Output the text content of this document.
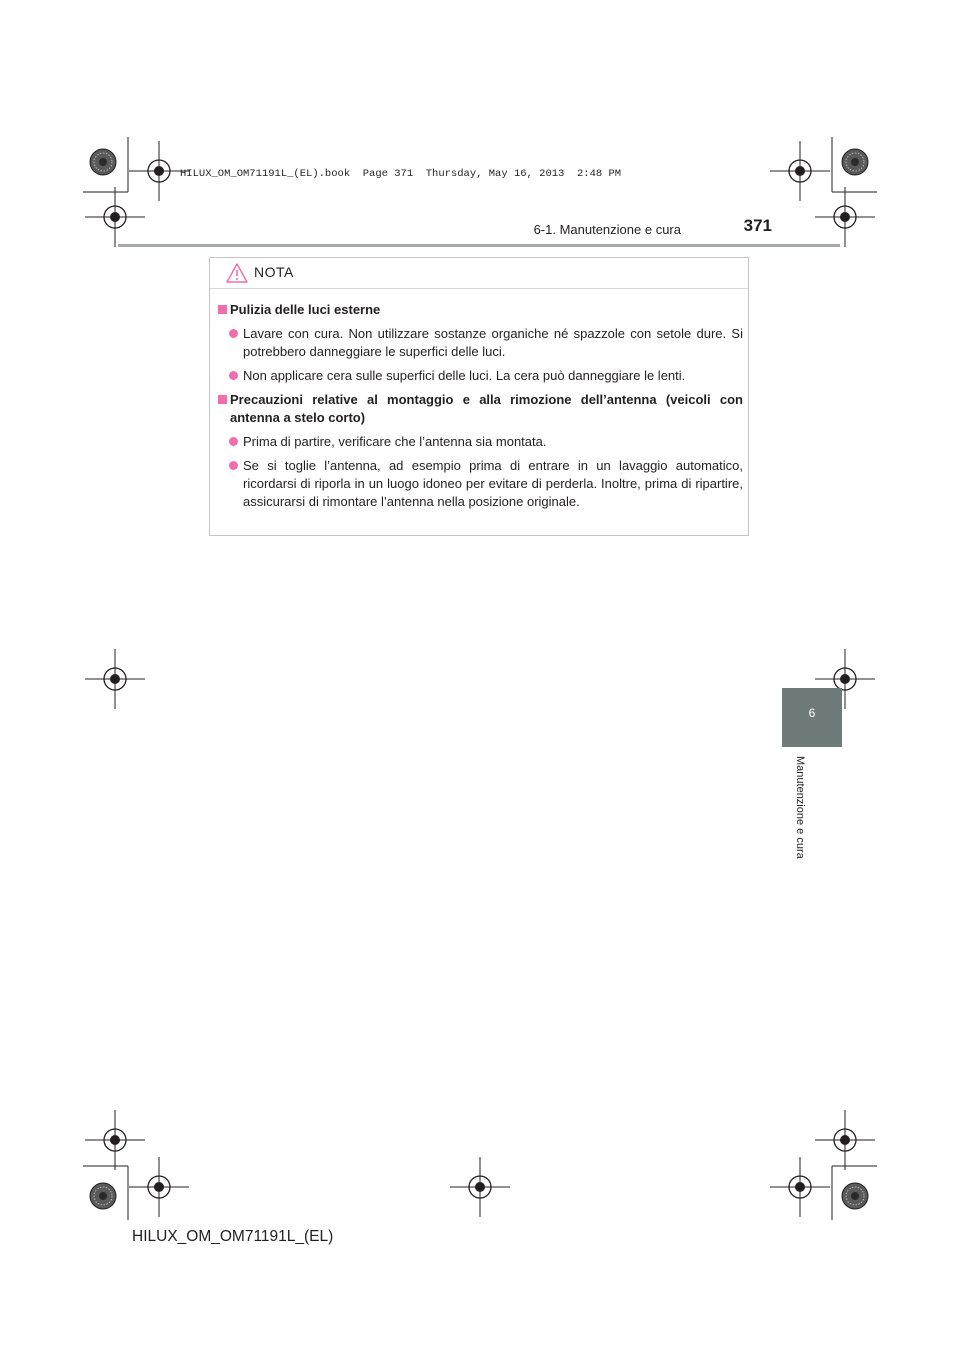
HILUX_OM_OM71191L_(EL).book  Page 371  Thursday, May 16, 2013  2:48 PM
6-1. Manutenzione e cura	371
6
Manutenzione e cura
NOTA
Pulizia delle luci esterne
Lavare con cura. Non utilizzare sostanze organiche né spazzole con setole dure. Si potrebbero danneggiare le superfici delle luci.
Non applicare cera sulle superfici delle luci. La cera può danneggiare le lenti.
Precauzioni relative al montaggio e alla rimozione dell’antenna (veicoli con antenna a stelo corto)
Prima di partire, verificare che l’antenna sia montata.
Se si toglie l’antenna, ad esempio prima di entrare in un lavaggio automatico, ricordarsi di riporla in un luogo idoneo per evitare di perderla. Inoltre, prima di ripartire, assicurarsi di rimontare l’antenna nella posizione originale.
HILUX_OM_OM71191L_(EL)
